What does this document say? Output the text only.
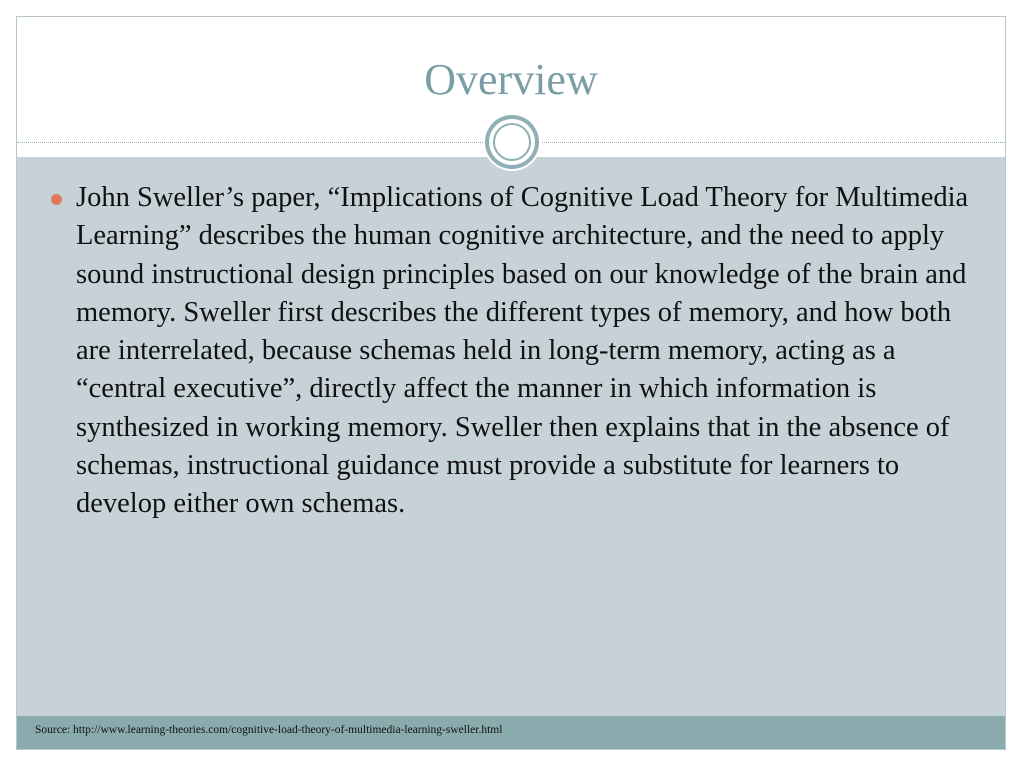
Overview
John Sweller’s paper, “Implications of Cognitive Load Theory for Multimedia Learning” describes the human cognitive architecture, and the need to apply sound instructional design principles based on our knowledge of the brain and memory. Sweller first describes the different types of memory, and how both are interrelated, because schemas held in long-term memory, acting as a “central executive”, directly affect the manner in which information is synthesized in working memory. Sweller then explains that in the absence of schemas, instructional guidance must provide a substitute for learners to develop either own schemas.
Source: http://www.learning-theories.com/cognitive-load-theory-of-multimedia-learning-sweller.html
